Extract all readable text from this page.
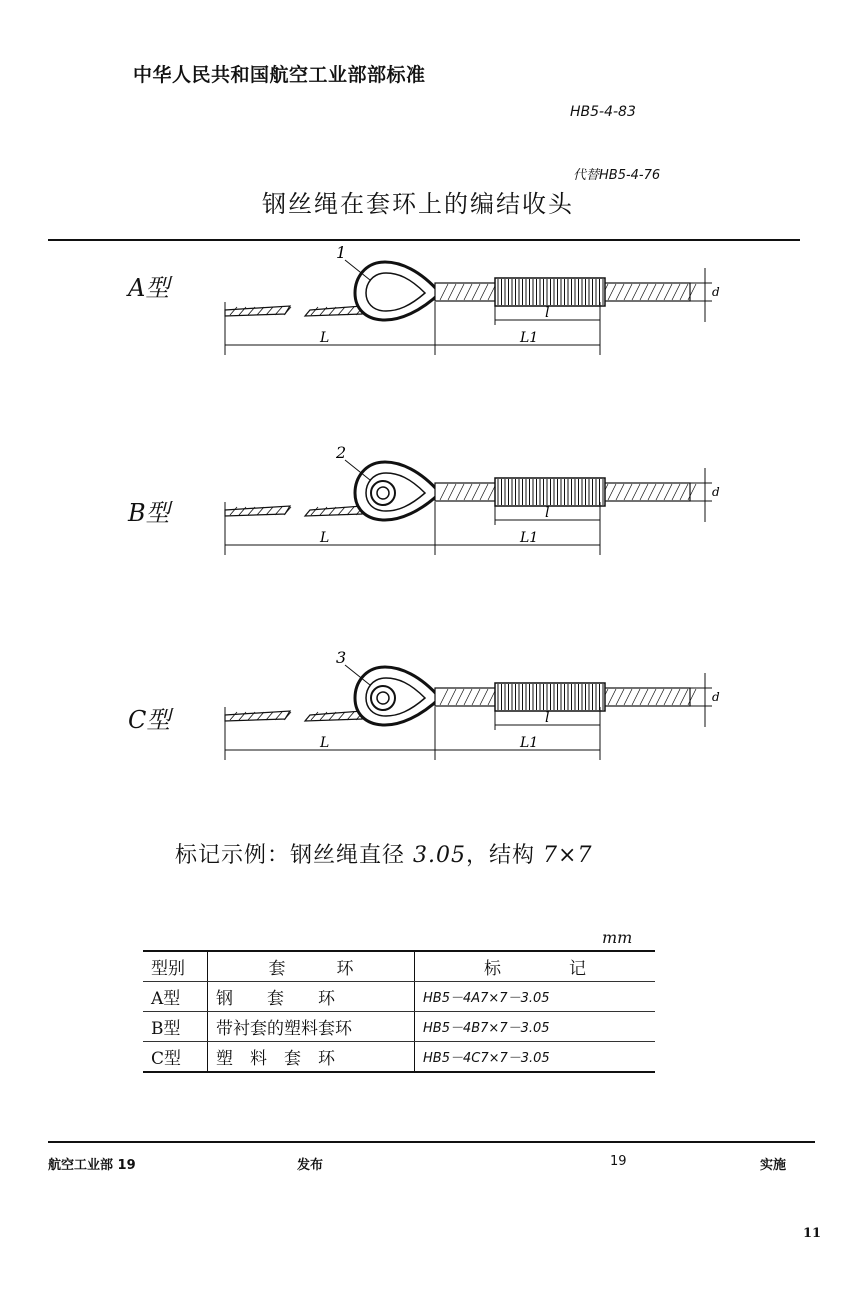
中华人民共和国航空工业部部标准
HB5-4-83
代替HB5-4-76
钢丝绳在套环上的编结收头
A型
L	L1
l
d
1
B型
L	L1
l
d
2
C型
L	L1
l
d
3
标记示例：钢丝绳直径 3.05，结构 7×7
mm
型别	套　　　环	标　　　　记
A型	钢　　套　　环	HB5－4A7×7－3.05
B型	带衬套的塑料套环	HB5－4B7×7－3.05
C型	塑　料　套　环	HB5－4C7×7－3.05
航空工业部 19	发布	19	实施
11
